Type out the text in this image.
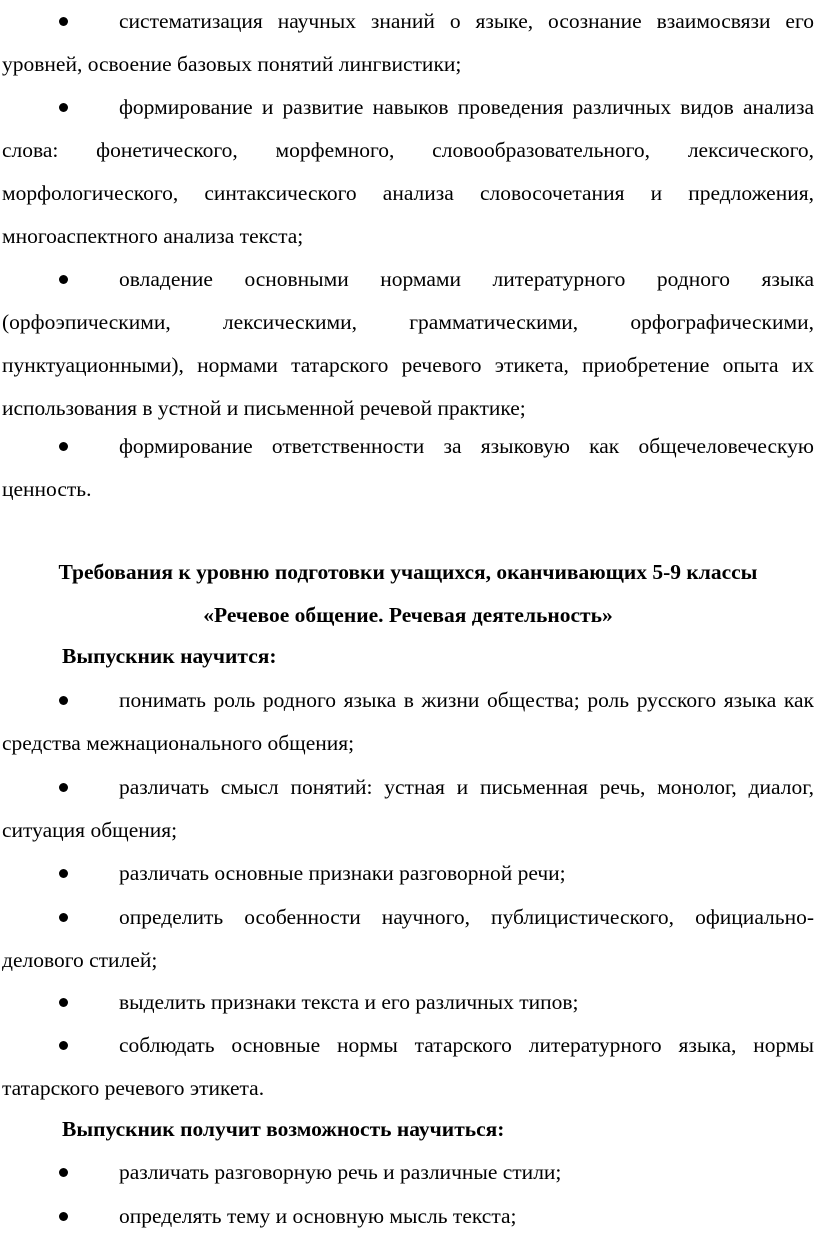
систематизация научных знаний о языке, осознание взаимосвязи его уровней, освоение базовых понятий лингвистики;

формирование и развитие навыков проведения различных видов анализа слова: фонетического, морфемного, словообразовательного, лексического, морфологического, синтаксического анализа словосочетания и предложения, многоаспектного анализа текста;

овладение основными нормами литературного родного языка (орфоэпическими, лексическими, грамматическими, орфографическими, пунктуационными), нормами татарского речевого этикета, приобретение опыта их использования в устной и письменной речевой практике;

формирование ответственности за языковую как общечеловеческую ценность.

Требования к уровню подготовки учащихся, оканчивающих 5-9 классы

«Речевое общение. Речевая деятельность»

Выпускник научится:

понимать роль родного языка в жизни общества; роль русского языка как средства межнационального общения;

различать смысл понятий: устная и письменная речь, монолог, диалог, ситуация общения;

различать основные признаки разговорной речи;

определить особенности научного, публицистического, официально-делового стилей;

выделить признаки текста и его различных типов;

соблюдать основные нормы татарского литературного языка, нормы татарского речевого этикета.

Выпускник получит возможность научиться:

различать разговорную речь и различные стили;

определять тему и основную мысль текста;
